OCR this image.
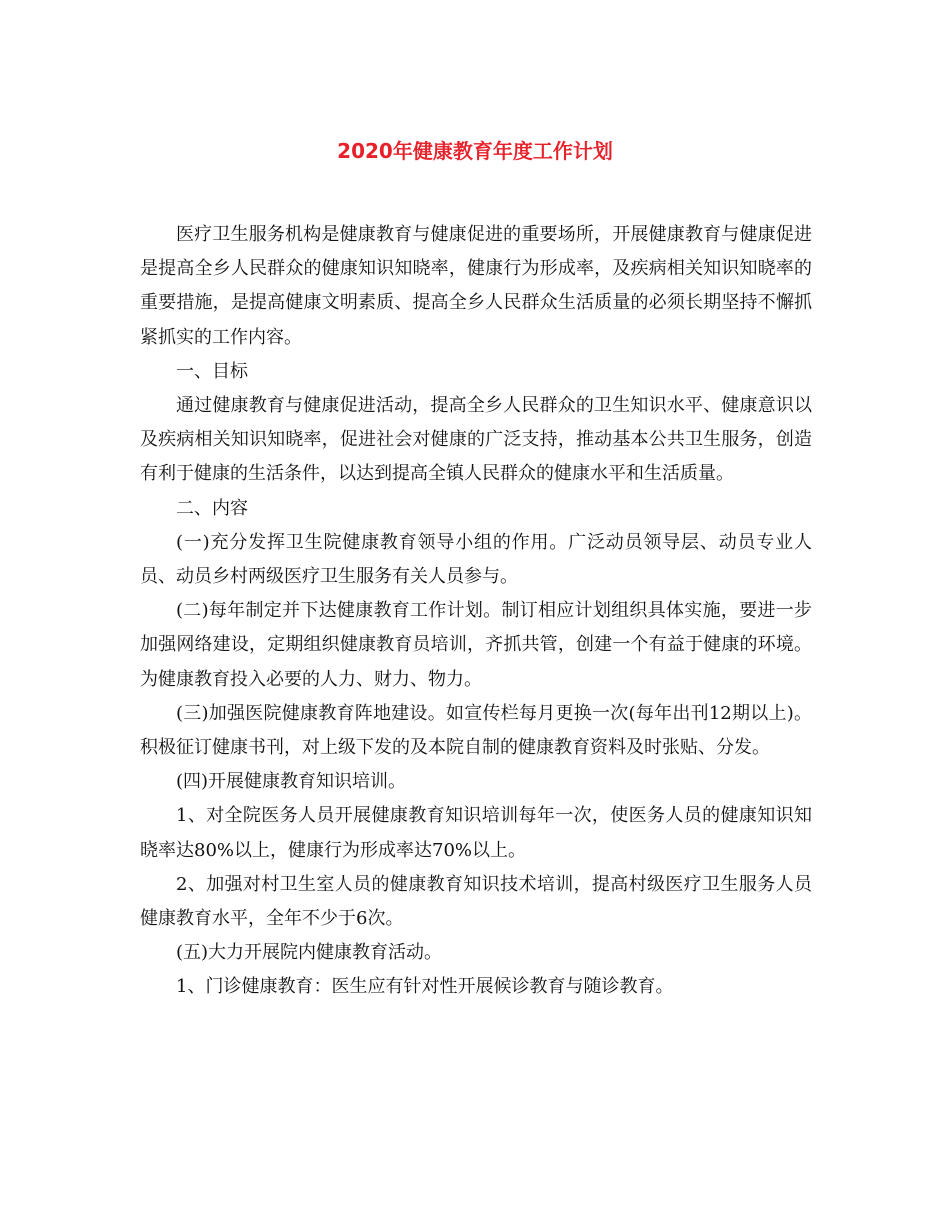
2020年健康教育年度工作计划

医疗卫生服务机构是健康教育与健康促进的重要场所，开展健康教育与健康促进是提高全乡人民群众的健康知识知晓率，健康行为形成率，及疾病相关知识知晓率的重要措施，是提高健康文明素质、提高全乡人民群众生活质量的必须长期坚持不懈抓紧抓实的工作内容。

一、目标

通过健康教育与健康促进活动，提高全乡人民群众的卫生知识水平、健康意识以及疾病相关知识知晓率，促进社会对健康的广泛支持，推动基本公共卫生服务，创造有利于健康的生活条件，以达到提高全镇人民群众的健康水平和生活质量。

二、内容

(一)充分发挥卫生院健康教育领导小组的作用。广泛动员领导层、动员专业人员、动员乡村两级医疗卫生服务有关人员参与。

(二)每年制定并下达健康教育工作计划。制订相应计划组织具体实施，要进一步加强网络建设，定期组织健康教育员培训，齐抓共管，创建一个有益于健康的环境。为健康教育投入必要的人力、财力、物力。

(三)加强医院健康教育阵地建设。如宣传栏每月更换一次(每年出刊12期以上)。积极征订健康书刊，对上级下发的及本院自制的健康教育资料及时张贴、分发。

(四)开展健康教育知识培训。

1、对全院医务人员开展健康教育知识培训每年一次，使医务人员的健康知识知晓率达80%以上，健康行为形成率达70%以上。

2、加强对村卫生室人员的健康教育知识技术培训，提高村级医疗卫生服务人员健康教育水平，全年不少于6次。

(五)大力开展院内健康教育活动。

1、门诊健康教育：医生应有针对性开展候诊教育与随诊教育。
